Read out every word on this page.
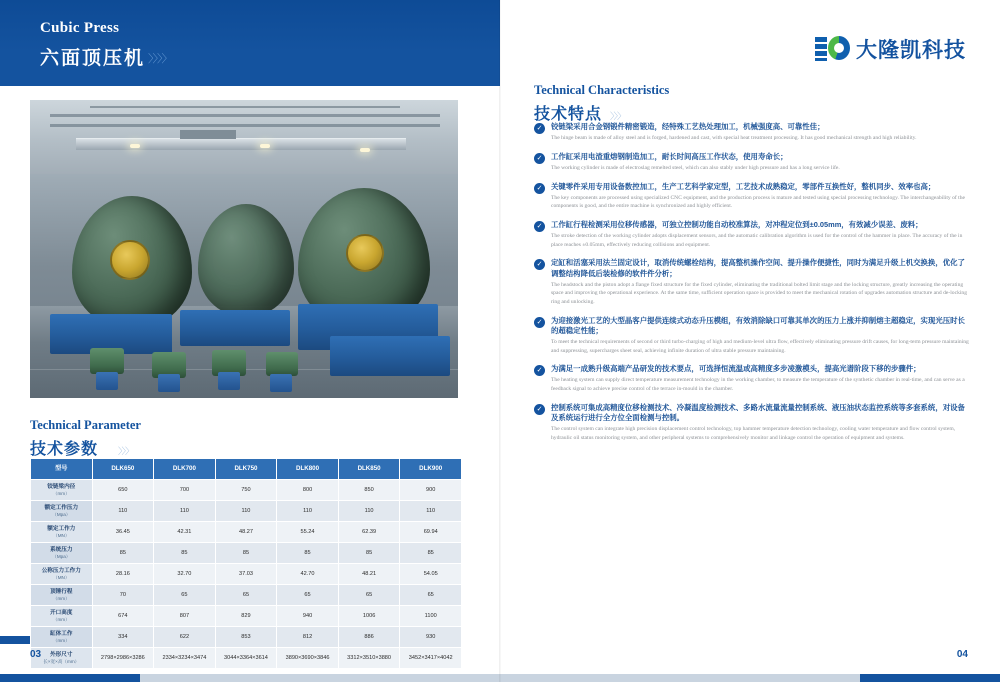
Cubic Press
六面顶压机 〉〉〉〉
Technical Parameter
技术参数 〉〉〉
型号	DLK650	DLK700	DLK750	DLK800	DLK850	DLK900
铰链梁内径
（mm）	650	700	750	800	850	900
额定工作压力
（Mpa）	110	110	110	110	110	110
额定工作力
（MN）	36.45	42.31	48.27	55.24	62.39	69.94
系统压力
（Mpa）	85	85	85	85	85	85
公称压力工作力
（MN）	28.16	32.70	37.03	42.70	48.21	54.05
顶锤行程
（mm）	70	65	65	65	65	65
开口高度
（mm）	674	807	829	940	1006	1100
缸体工作
（mm）	334	622	853	812	886	930
外形尺寸
长×宽×高（mm）	2798×2986×3286	2334×3234×3474	3044×3364×3614	3890×3690×3846	3312×3510×3880	3452×3417×4042
03
大隆凯科技
Technical Characteristics
技术特点 〉〉〉
✓	铰链梁采用合金钢锻件精密锻造，经特殊工艺热处理加工，机械强度高、可靠性佳；
The hinge beam is made of alloy steel and is forged, hardened and cast, with special heat treatment processing. It has good mechanical strength and high reliability.
✓	工作缸采用电渣重熔钢制造加工，耐长时间高压工作状态，使用寿命长；
The working cylinder is made of electroslag remelted steel, which can also stably under high pressure and has a long service life.
✓	关键零件采用专用设备数控加工，生产工艺科学家定型，工艺技术成熟稳定，零部件互换性好，整机同步、效率也高；
The key components are processed using specialized CNC equipment, and the production process is mature and tested using special processing technology. The interchangeability of the components is good, and the entire machine is synchronized and highly efficient.
✓	工作缸行程检测采用位移传感器，可独立控制功能自动校准算法，对冲程定位到±0.05mm，有效减少误差、废料；
The stroke detection of the working cylinder adopts displacement sensors, and the automatic calibration algorithm is used for the control of the hammer in place. The accuracy of the in place reaches ±0.05mm, effectively reducing collisions and equipment.
✓	定缸和活塞采用法兰固定设计，取消传统螺栓结构，提高整机操作空间、提升操作便捷性，同时为满足升级上机交换换，优化了调整结构降低后装检修的软件件分析；
The headstock and the piston adopt a flange fixed structure for the fixed cylinder, eliminating the traditional bolted limit stage and the locking structure, greatly increasing the operating space and improving the operational experience. At the same time, sufficient operation space is provided to meet the mechanical rotation of upgrades automation structure and de-locking ring and unlocking.
✓	为迎接激光工艺的大型晶客户提供连续式动态升压模组，有效消除缺口可靠其单次的压力上涨并抑制熔主超稳定，实现光压时长的超稳定性能；
To meet the technical requirements of second or third turbo-charging of high and medium-level ultra flow, effectively eliminating pressure drift causes, for long-term pressure maintaining and suppressing, supercharges sheet seal, achieving infinite duration of ultra stable pressure maintaining.
✓	为满足一成熟升级高端产品研发的技术要点，可选择恒流温或高精度多步凌激模头，提高光谱阶段下移的步骤件；
The heating system can supply direct temperature measurement technology in the working chamber, to measure the temperature of the synthetic chamber in real-time, and can serve as a feedback signal to achieve precise control of the terrace in-mould in the chamber.
✓	控制系统可集成高精度位移检测技术、冷凝温度检测技术、多路水流量流量控制系统、液压油状态监控系统等多套系统，对设备及系统运行进行全方位全面检测与控制。
The control system can integrate high precision displacement control technology, top hammer temperature detection technology, cooling water temperature and flow control system, hydraulic oil status monitoring system, and other peripheral systems to comprehensively monitor and linkage control the operation of equipment and systems.
04
